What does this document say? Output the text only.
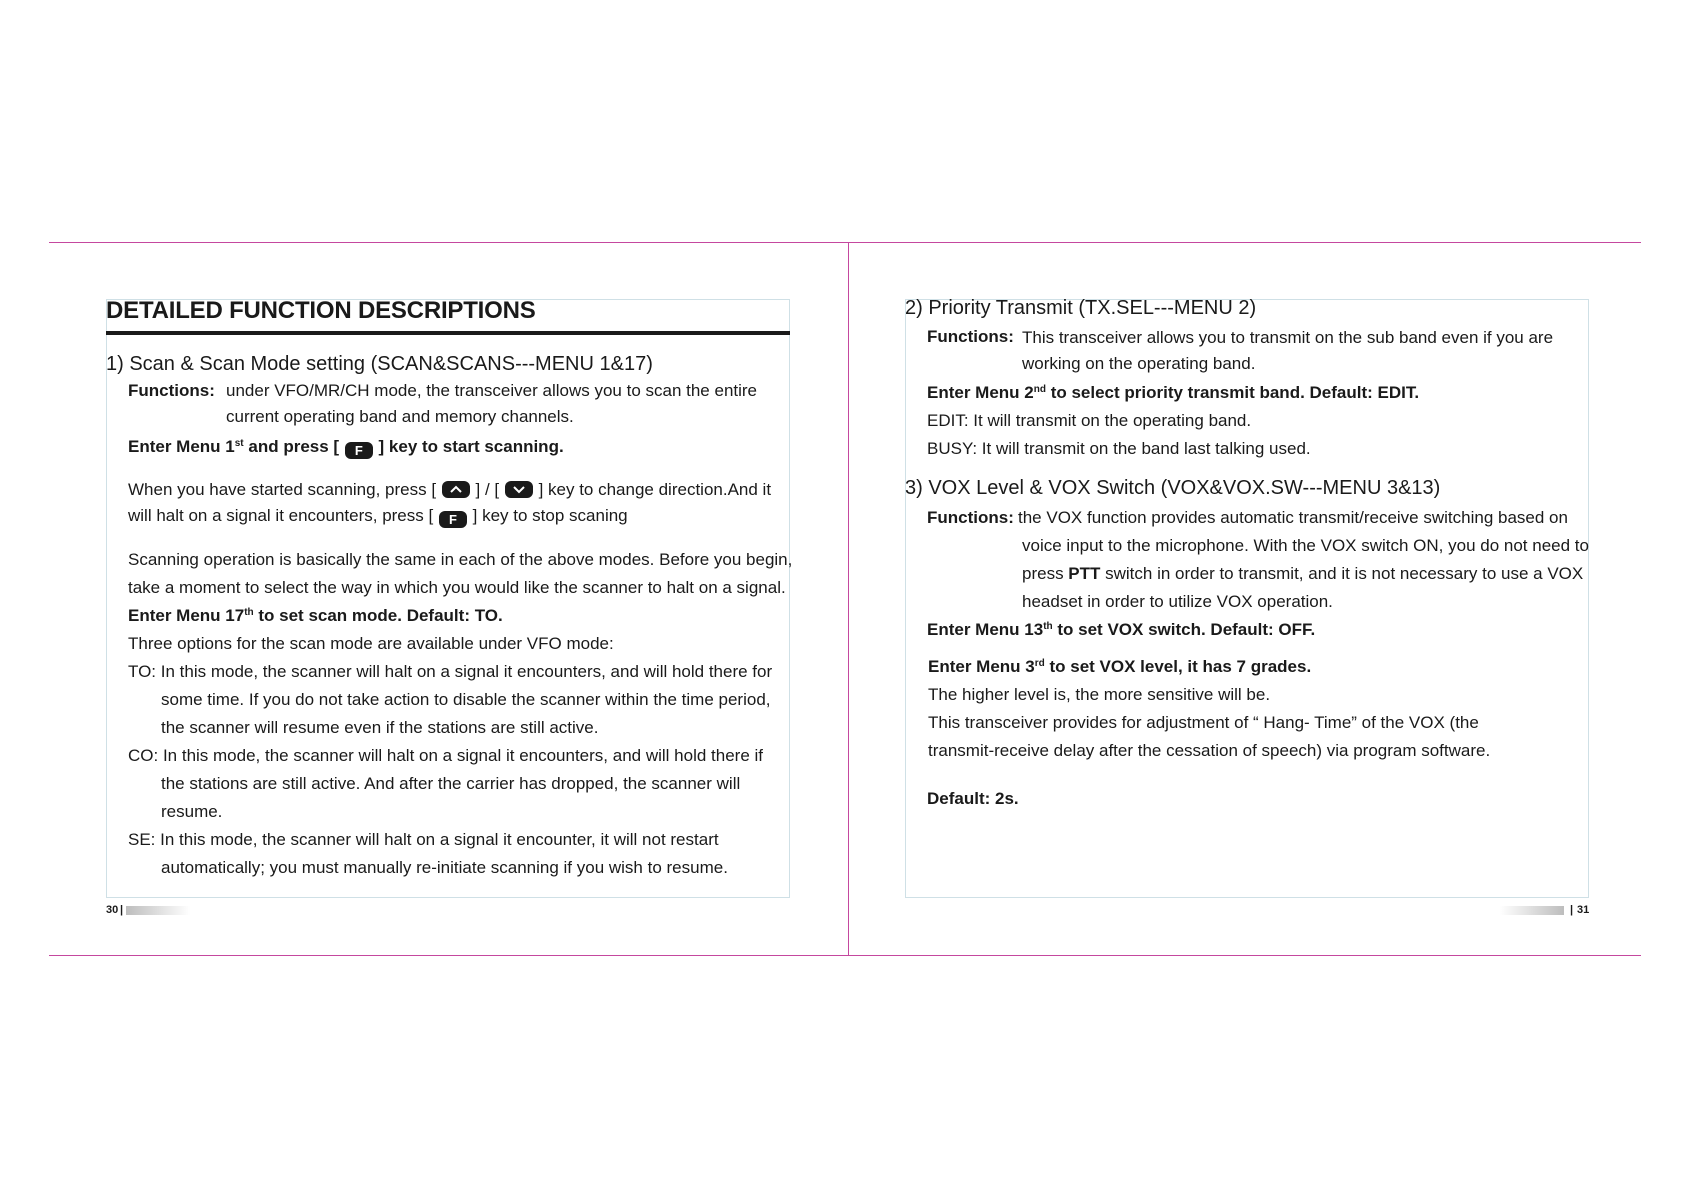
DETAILED FUNCTION DESCRIPTIONS
1) Scan & Scan Mode setting (SCAN&SCANS---MENU 1&17)
Functions: under VFO/MR/CH mode, the transceiver allows you to scan the entire
current operating band and memory channels.
Enter Menu 1st and press [ F ] key to start scanning.
When you have started scanning, press [
] / [
] key to change direction.And it
will halt on a signal it encounters, press [ F ] key to stop scaning
Scanning operation is basically the same in each of the above modes. Before you begin,
take a moment to select the way in which you would like the scanner to halt on a signal.
Enter Menu 17th to set scan mode. Default: TO.
Three options for the scan mode are available under VFO mode:
TO: In this mode, the scanner will halt on a signal it encounters, and will hold there for
some time. If you do not take action to disable the scanner within the time period,
the scanner will resume even if the stations are still active.
CO: In this mode, the scanner will halt on a signal it encounters, and will hold there if
the stations are still active. And after the carrier has dropped, the scanner will
resume.
SE: In this mode, the scanner will halt on a signal it encounter, it will not restart
automatically; you must manually re-initiate scanning if you wish to resume.
30 |
2) Priority Transmit (TX.SEL---MENU 2)
Functions: This transceiver allows you to transmit on the sub band even if you are
working on the operating band.
Enter Menu 2nd to select priority transmit band. Default: EDIT.
EDIT: It will transmit on the operating band.
BUSY: It will transmit on the band last talking used.
3) VOX Level & VOX Switch (VOX&VOX.SW---MENU 3&13)
Functions: the VOX function provides automatic transmit/receive switching based on
voice input to the microphone. With the VOX switch ON, you do not need to
press PTT switch in order to transmit, and it is not necessary to use a VOX
headset in order to utilize VOX operation.
Enter Menu 13th to set VOX switch. Default: OFF.
Enter Menu 3rd to set VOX level, it has 7 grades.
The higher level is, the more sensitive will be.
This transceiver provides for adjustment of “ Hang- Time” of the VOX (the
transmit-receive delay after the cessation of speech) via program software.
Default: 2s.
| 31
